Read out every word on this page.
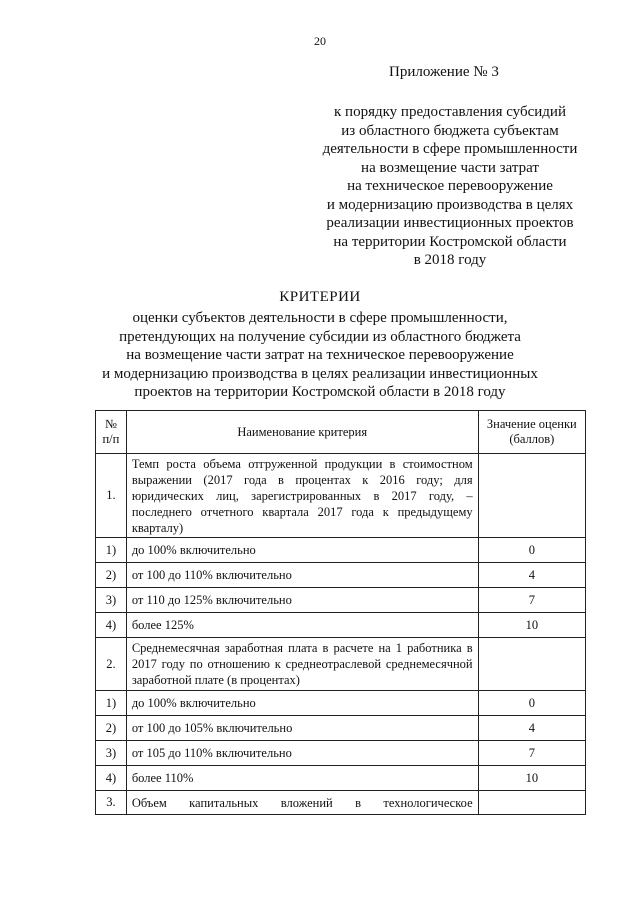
20
Приложение № 3
к порядку предоставления субсидий
из областного бюджета субъектам
деятельности в сфере промышленности
на возмещение части затрат
на техническое перевооружение
и модернизацию производства в целях
реализации инвестиционных проектов
на территории Костромской области
в 2018 году
КРИТЕРИИ
оценки субъектов деятельности в сфере промышленности,
претендующих на получение субсидии из областного бюджета
на возмещение части затрат на техническое перевооружение
и модернизацию производства в целях реализации инвестиционных
проектов на территории Костромской области в 2018 году
№ п/п	Наименование критерия	Значение оценки (баллов)
1.	Темп роста объема отгруженной продукции в стоимостном выражении (2017 года в процентах к 2016 году; для юридических лиц, зарегистрированных в 2017 году, – последнего отчетного квартала 2017 года к предыдущему кварталу)	
1)	до 100% включительно	0
2)	от 100 до 110% включительно	4
3)	от 110 до 125% включительно	7
4)	более 125%	10
2.	Среднемесячная заработная плата в расчете на 1 работника в 2017 году по отношению к среднеотраслевой среднемесячной заработной плате (в процентах)	
1)	до 100% включительно	0
2)	от 100 до 105% включительно	4
3)	от 105 до 110% включительно	7
4)	более 110%	10
3.	Объем капитальных вложений в технологическое	
